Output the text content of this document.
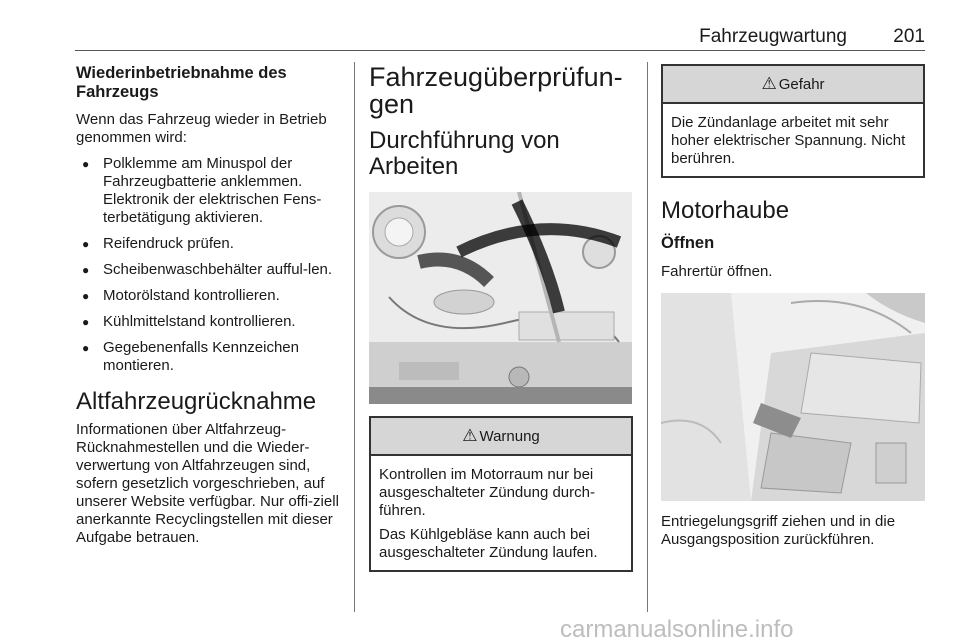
Fahrzeugwartung 201
Wiederinbetriebnahme des Fahrzeugs

Wenn das Fahrzeug wieder in Betrieb genommen wird:

● Polklemme am Minuspol der Fahrzeugbatterie anklemmen. Elektronik der elektrischen Fens-terbetätigung aktivieren.
● Reifendruck prüfen.
● Scheibenwaschbehälter aufful-len.
● Motorölstand kontrollieren.
● Kühlmittelstand kontrollieren.
● Gegebenenfalls Kennzeichen montieren.
Altfahrzeugrücknahme

Informationen über Altfahrzeug-Rücknahmestellen und die Wieder-verwertung von Altfahrzeugen sind, sofern gesetzlich vorgeschrieben, auf unserer Website verfügbar. Nur offi-ziell anerkannte Recyclingstellen mit dieser Aufgabe betrauen.

Fahrzeugüberprüfun-gen
Durchführung von Arbeiten
⚠ Warnung

Kontrollen im Motorraum nur bei ausgeschalteter Zündung durch-führen.

Das Kühlgebläse kann auch bei ausgeschalteter Zündung laufen.

⚠ Gefahr

Die Zündanlage arbeitet mit sehr hoher elektrischer Spannung. Nicht berühren.

Motorhaube
Öffnen

Fahrertür öffnen.

Entriegelungsgriff ziehen und in die Ausgangsposition zurückführen.

carmanualsonline.info
